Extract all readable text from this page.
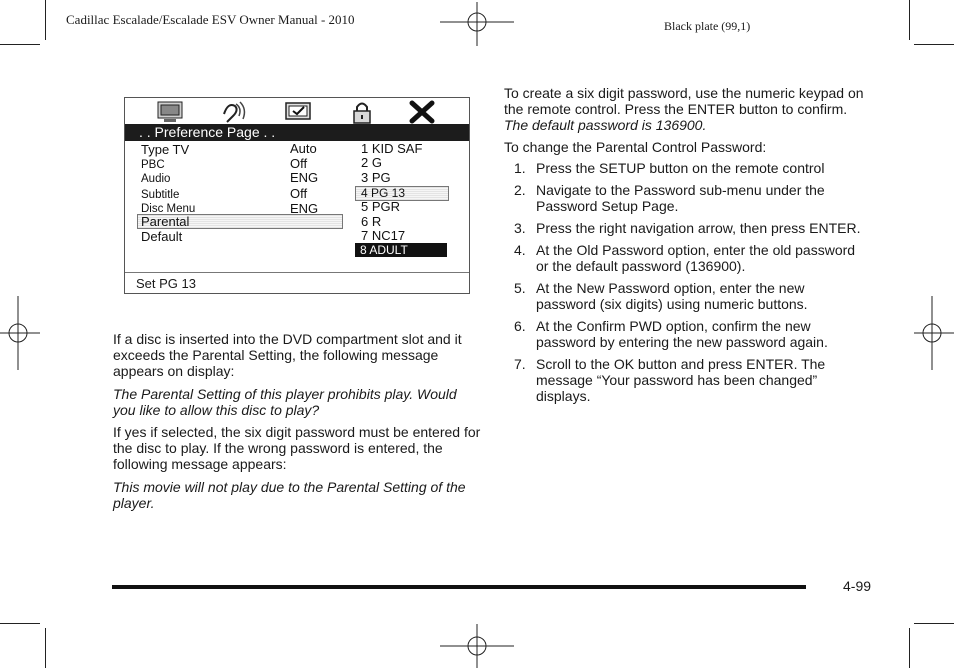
Cadillac Escalade/Escalade ESV Owner Manual - 2010	Black plate (99,1)
. . Preference Page . .
Type TV
PBC
Audio
Subtitle
Disc Menu
Parental
Default
Auto
Off
ENG
Off
ENG
1 KID SAF
2 G
3 PG
4 PG 13
5 PGR
6 R
7 NC17
8 ADULT
Set PG 13
If a disc is inserted into the DVD compartment slot and it exceeds the Parental Setting, the following message appears on display:
The Parental Setting of this player prohibits play. Would you like to allow this disc to play?
If yes if selected, the six digit password must be entered for the disc to play. If the wrong password is entered, the following message appears:
This movie will not play due to the Parental Setting of the player.
To create a six digit password, use the numeric keypad on the remote control. Press the ENTER button to confirm. The default password is 136900.
To change the Parental Control Password:
1. Press the SETUP button on the remote control
2. Navigate to the Password sub-menu under the Password Setup Page.
3. Press the right navigation arrow, then press ENTER.
4. At the Old Password option, enter the old password or the default password (136900).
5. At the New Password option, enter the new password (six digits) using numeric buttons.
6. At the Confirm PWD option, confirm the new password by entering the new password again.
7. Scroll to the OK button and press ENTER. The message “Your password has been changed” displays.
4-99
